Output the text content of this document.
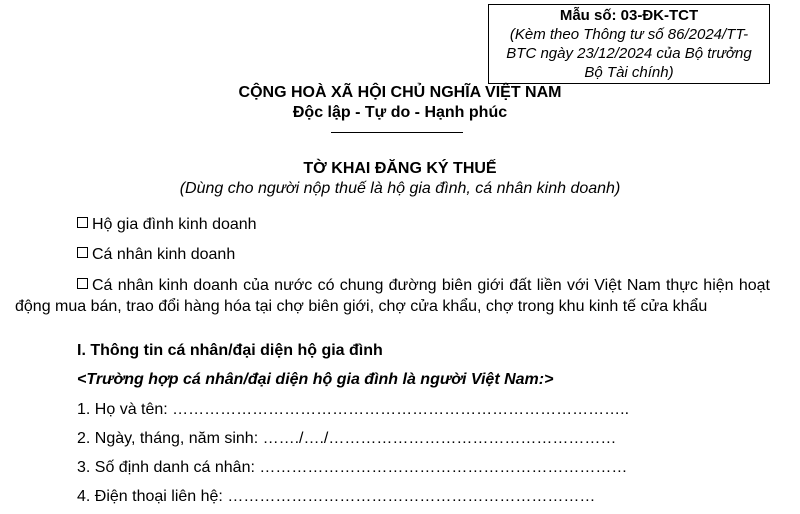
Mẫu số: 03-ĐK-TCT
(Kèm theo Thông tư số 86/2024/TT-BTC ngày 23/12/2024 của Bộ trưởng Bộ Tài chính)
CỘNG HOÀ XÃ HỘI CHỦ NGHĨA VIỆT NAM
Độc lập - Tự do - Hạnh phúc
TỜ KHAI ĐĂNG KÝ THUẾ
(Dùng cho người nộp thuế là hộ gia đình, cá nhân kinh doanh)
Hộ gia đình kinh doanh
Cá nhân kinh doanh
Cá nhân kinh doanh của nước có chung đường biên giới đất liền với Việt Nam thực hiện hoạt động mua bán, trao đổi hàng hóa tại chợ biên giới, chợ cửa khẩu, chợ trong khu kinh tế cửa khẩu
I. Thông tin cá nhân/đại diện hộ gia đình
<Trường hợp cá nhân/đại diện hộ gia đình là người Việt Nam:>
1. Họ và tên: …………………………………………………………………………..
2. Ngày, tháng, năm sinh: ……./…./………………………………………………
3. Số định danh cá nhân: ……………………………………………………………
4. Điện thoại liên hệ: ……………………………………………………………
